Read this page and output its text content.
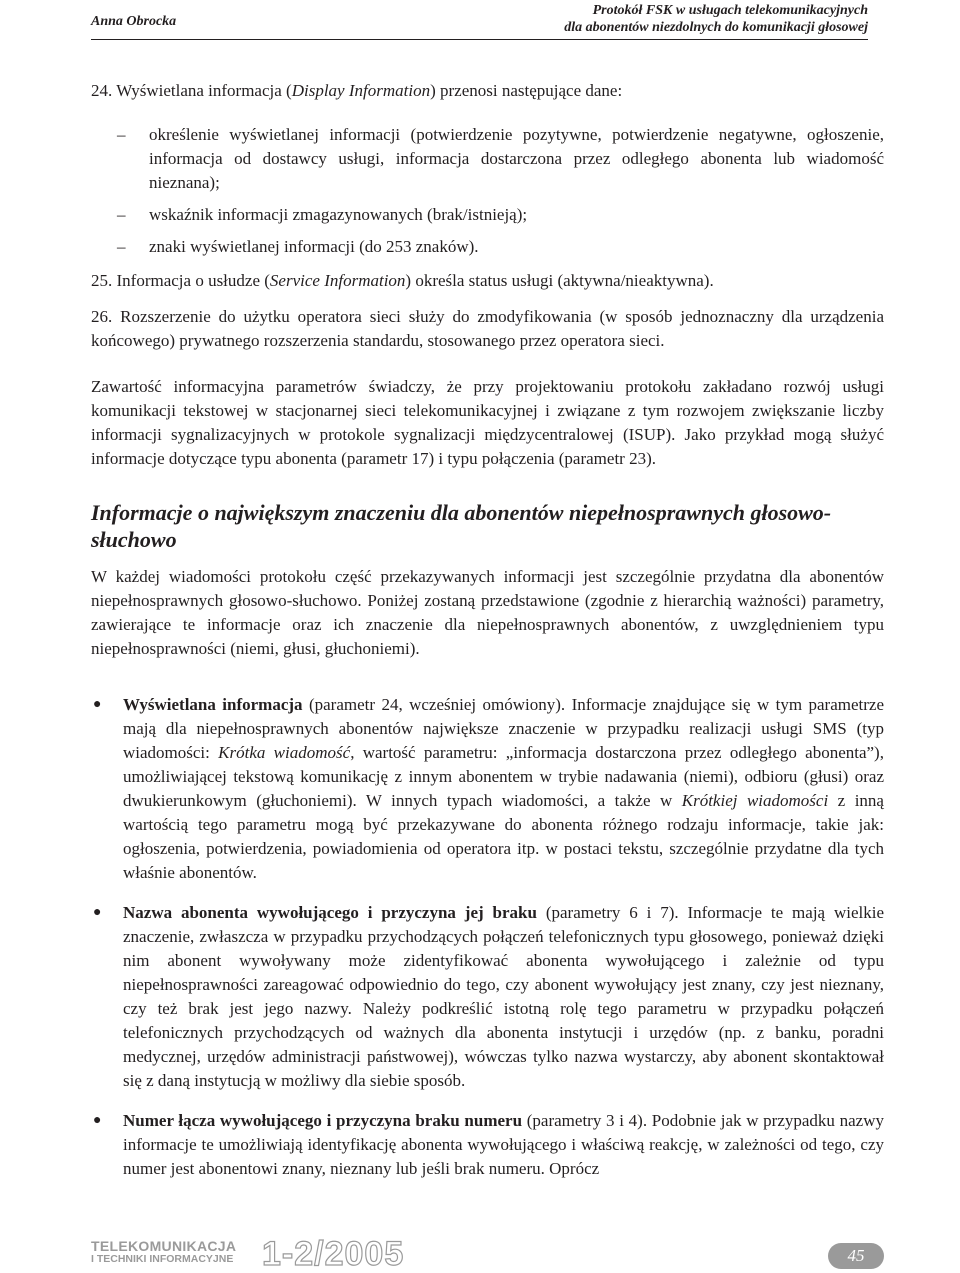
Anna Obrocka
Protokół FSK w usługach telekomunikacyjnych
dla abonentów niezdolnych do komunikacji głosowej

24. Wyświetlana informacja (Display Information) przenosi następujące dane:

– określenie wyświetlanej informacji (potwierdzenie pozytywne, potwierdzenie negatywne, ogłoszenie, informacja od dostawcy usługi, informacja dostarczona przez odległego abonenta lub wiadomość nieznana);
– wskaźnik informacji zmagazynowanych (brak/istnieją);
– znaki wyświetlanej informacji (do 253 znaków).

25. Informacja o usłudze (Service Information) określa status usługi (aktywna/nieaktywna).

26. Rozszerzenie do użytku operatora sieci służy do zmodyfikowania (w sposób jednoznaczny dla urządzenia końcowego) prywatnego rozszerzenia standardu, stosowanego przez operatora sieci.

Zawartość informacyjna parametrów świadczy, że przy projektowaniu protokołu zakładano rozwój usługi komunikacji tekstowej w stacjonarnej sieci telekomunikacyjnej i związane z tym rozwojem zwiększanie liczby informacji sygnalizacyjnych w protokole sygnalizacji międzycentralowej (ISUP). Jako przykład mogą służyć informacje dotyczące typu abonenta (parametr 17) i typu połączenia (parametr 23).

Informacje o największym znaczeniu dla abonentów niepełnosprawnych głosowo-słuchowo

W każdej wiadomości protokołu część przekazywanych informacji jest szczególnie przydatna dla abonentów niepełnosprawnych głosowo-słuchowo. Poniżej zostaną przedstawione (zgodnie z hierarchią ważności) parametry, zawierające te informacje oraz ich znaczenie dla niepełnosprawnych abonentów, z uwzględnieniem typu niepełnosprawności (niemi, głusi, głuchoniemi).

● Wyświetlana informacja (parametr 24, wcześniej omówiony). Informacje znajdujące się w tym parametrze mają dla niepełnosprawnych abonentów największe znaczenie w przypadku realizacji usługi SMS (typ wiadomości: Krótka wiadomość, wartość parametru: „informacja dostarczona przez odległego abonenta”), umożliwiającej tekstową komunikację z innym abonentem w trybie nadawania (niemi), odbioru (głusi) oraz dwukierunkowym (głuchoniemi). W innych typach wiadomości, a także w Krótkiej wiadomości z inną wartością tego parametru mogą być przekazywane do abonenta różnego rodzaju informacje, takie jak: ogłoszenia, potwierdzenia, powiadomienia od operatora itp. w postaci tekstu, szczególnie przydatne dla tych właśnie abonentów.
● Nazwa abonenta wywołującego i przyczyna jej braku (parametry 6 i 7). Informacje te mają wielkie znaczenie, zwłaszcza w przypadku przychodzących połączeń telefonicznych typu głosowego, ponieważ dzięki nim abonent wywoływany może zidentyfikować abonenta wywołującego i zależnie od typu niepełnosprawności zareagować odpowiednio do tego, czy abonent wywołujący jest znany, czy jest nieznany, czy też brak jest jego nazwy. Należy podkreślić istotną rolę tego parametru w przypadku połączeń telefonicznych przychodzących od ważnych dla abonenta instytucji i urzędów (np. z banku, poradni medycznej, urzędów administracji państwowej), wówczas tylko nazwa wystarczy, aby abonent skontaktował się z daną instytucją w możliwy dla siebie sposób.
● Numer łącza wywołującego i przyczyna braku numeru (parametry 3 i 4). Podobnie jak w przypadku nazwy informacje te umożliwiają identyfikację abonenta wywołującego i właściwą reakcję, w zależności od tego, czy numer jest abonentowi znany, nieznany lub jeśli brak numeru. Oprócz
TELEKOMUNIKACJA
I TECHNIKI INFORMACYJNE 1-2/2005	45
